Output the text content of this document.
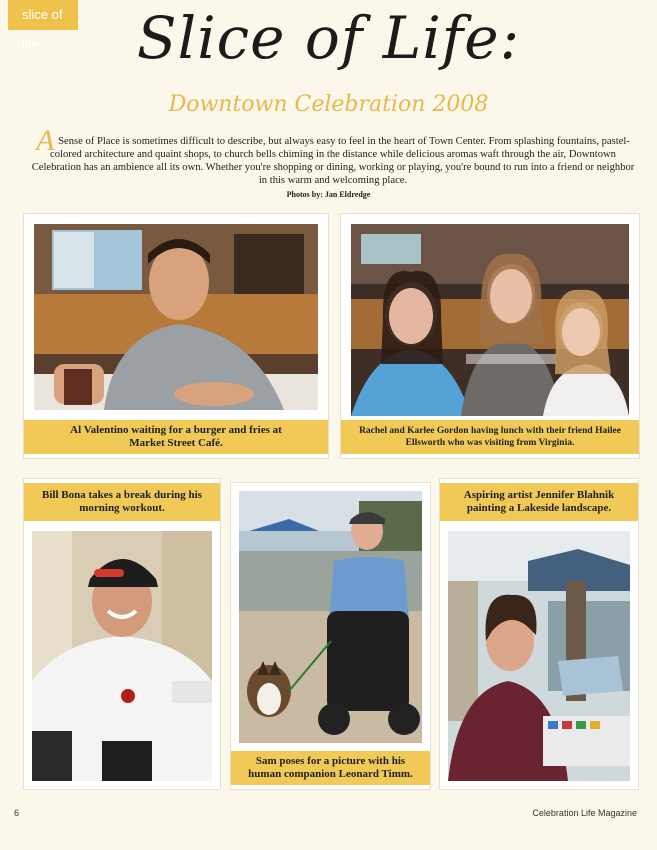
slice of life	Slice of Life:
Downtown Celebration 2008
A Sense of Place is sometimes difficult to describe, but always easy to feel in the heart of Town Center. From splashing fountains, pastel-colored architecture and quaint shops, to church bells chiming in the distance while delicious aromas waft through the air, Downtown Celebration has an ambience all its own. Whether you're shopping or dining, working or playing, you're bound to run into a friend or neighbor in this warm and welcoming place.
Photos by: Jan Eldredge
Al Valentino waiting for a burger and fries at Market Street Café.
Rachel and Karlee Gordon having lunch with their friend Hailee Ellsworth who was visiting from Virginia.
Bill Bona takes a break during his morning workout.
Sam poses for a picture with his human companion Leonard Timm.
Aspiring artist Jennifer Blahnik painting a Lakeside landscape.
6	Celebration Life Magazine
